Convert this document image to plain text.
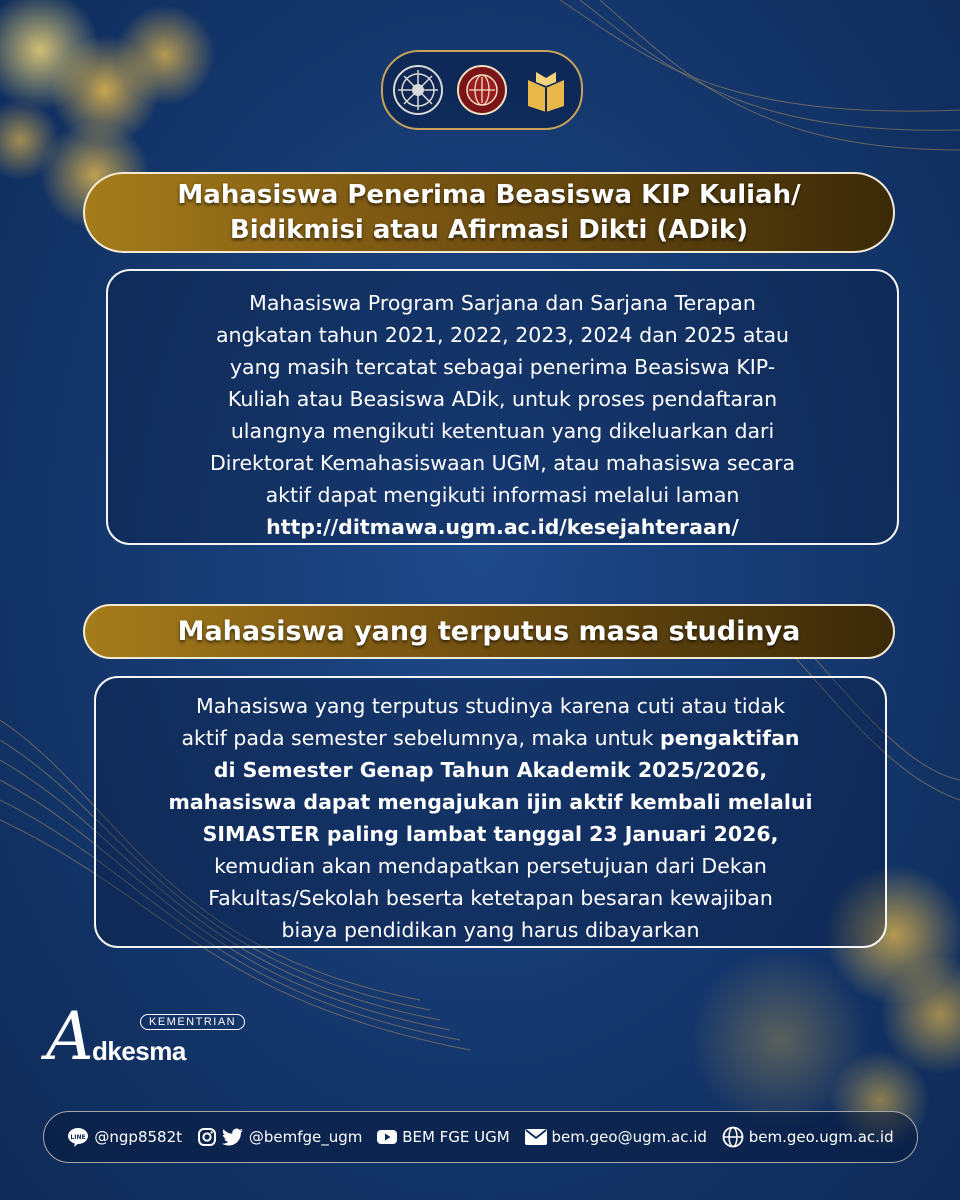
Mahasiswa Penerima Beasiswa KIP Kuliah/
Bidikmisi atau Afirmasi Dikti (ADik)

Mahasiswa Program Sarjana dan Sarjana Terapan

angkatan tahun 2021, 2022, 2023, 2024 dan 2025 atau

yang masih tercatat sebagai penerima Beasiswa KIP-

Kuliah atau Beasiswa ADik, untuk proses pendaftaran

ulangnya mengikuti ketentuan yang dikeluarkan dari

Direktorat Kemahasiswaan UGM, atau mahasiswa secara

aktif dapat mengikuti informasi melalui laman

http://ditmawa.ugm.ac.id/kesejahteraan/

Mahasiswa yang terputus masa studinya

Mahasiswa yang terputus studinya karena cuti atau tidak

aktif pada semester sebelumnya, maka untuk pengaktifan

di Semester Genap Tahun Akademik 2025/2026,

mahasiswa dapat mengajukan ijin aktif kembali melalui

SIMASTER paling lambat tanggal 23 Januari 2026,

kemudian akan mendapatkan persetujuan dari Dekan

Fakultas/Sekolah beserta ketetapan besaran kewajiban

biaya pendidikan yang harus dibayarkan

A	KEMENTRIAN
dkesma
LINE @ngp8582t	@bemfge_ugm	BEM FGE UGM	bem.geo@ugm.ac.id	bem.geo.ugm.ac.id
